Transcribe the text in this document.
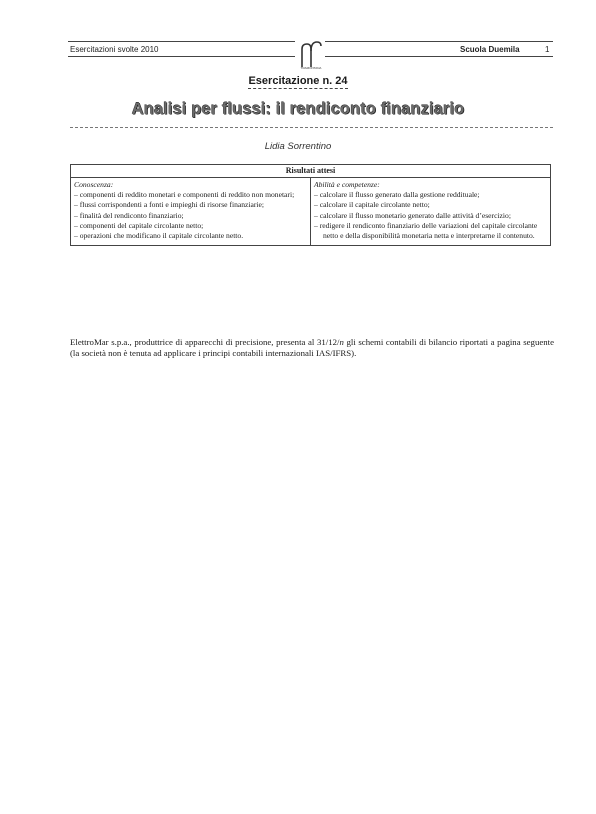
Esercitazioni svolte 2010	Scuola Duemila	1
TRAMONTANA
Esercitazione n. 24
Analisi per flussi: il rendiconto finanziario
Lidia Sorrentino
Risultati attesi

Conoscenza:
– componenti di reddito monetari e componenti di reddito non monetari;
– flussi corrispondenti a fonti e impieghi di risorse finanziarie;
– finalità del rendiconto finanziario;
– componenti del capitale circolante netto;
– operazioni che modificano il capitale circolante netto.

Abilità e competenze:
– calcolare il flusso generato dalla gestione reddituale;
– calcolare il capitale circolante netto;
– calcolare il flusso monetario generato dalle attività d’esercizio;
– redigere il rendiconto finanziario delle variazioni del capitale circolante netto e della disponibilità monetaria netta e interpretarne il contenuto.

ElettroMar s.p.a., produttrice di apparecchi di precisione, presenta al 31/12/n gli schemi contabili di bilancio riportati a pagina seguente (la società non è tenuta ad applicare i principi contabili internazionali IAS/IFRS).
